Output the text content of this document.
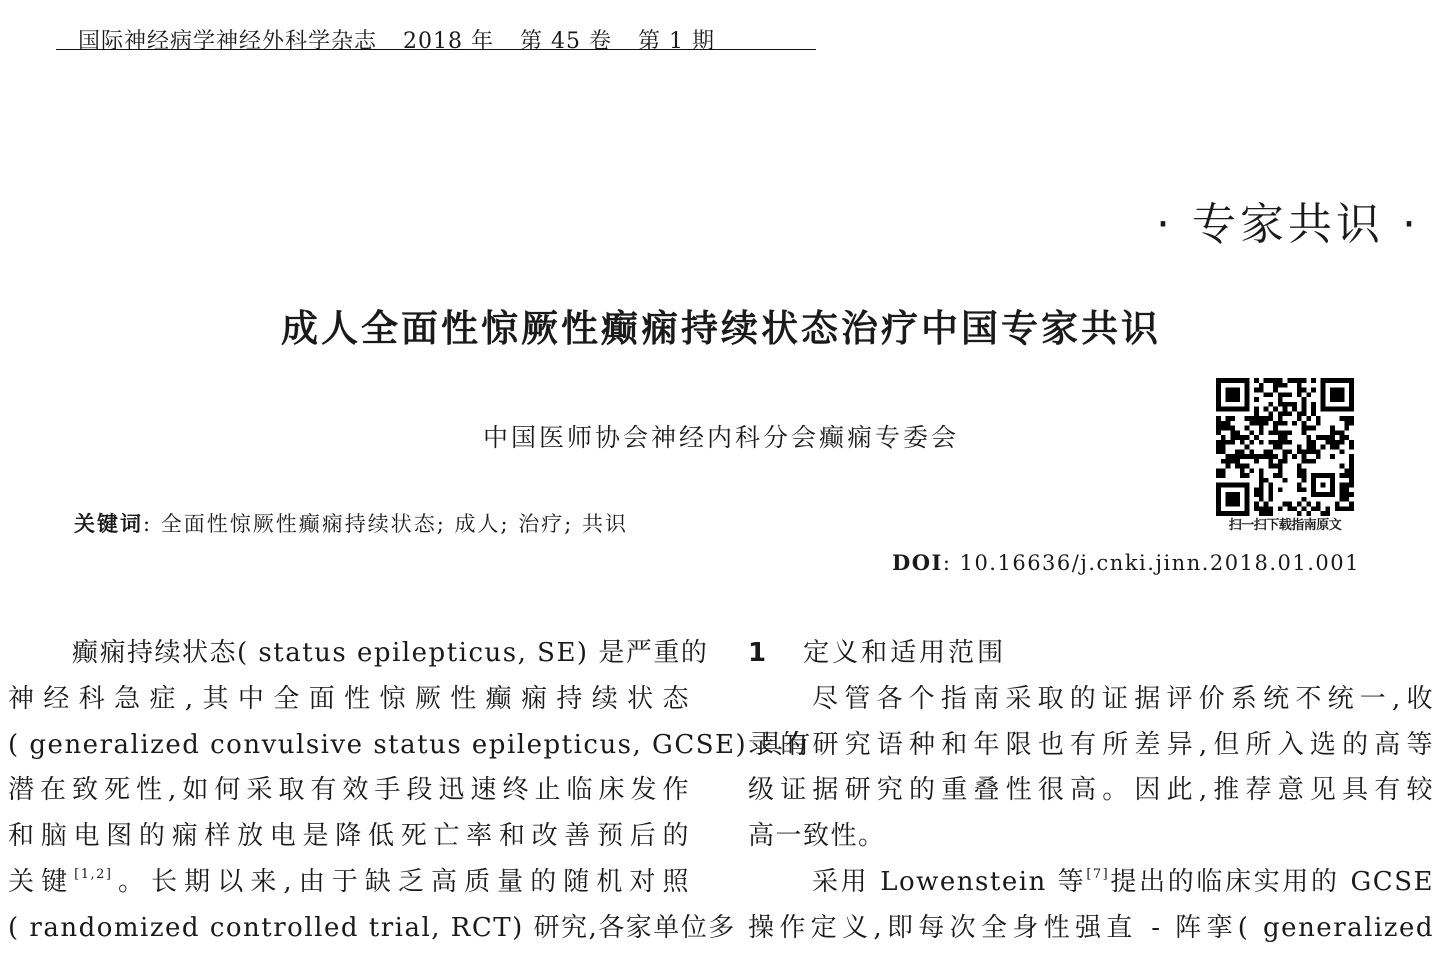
国际神经病学神经外科学杂志 2018 年 第 45 卷 第 1 期
· 专家共识 ·
成人全面性惊厥性癫痫持续状态治疗中国专家共识
中国医师协会神经内科分会癫痫专委会
扫一扫下载指南原文
关键词: 全面性惊厥性癫痫持续状态; 成人; 治疗; 共识
DOI: 10.16636/j.cnki.jinn.2018.01.001
癫痫持续状态( status epilepticus, SE) 是严重的
神经科急症,其中全面性惊厥性癫痫持续状态
( generalized convulsive status epilepticus, GCSE) 具有
潜在致死性,如何采取有效手段迅速终止临床发作
和脑电图的痫样放电是降低死亡率和改善预后的
关键[1,2]。长期以来,由于缺乏高质量的随机对照
( randomized controlled trial, RCT) 研究,各家单位多
1 定义和适用范围
尽管各个指南采取的证据评价系统不统一,收
录的研究语种和年限也有所差异,但所入选的高等
级证据研究的重叠性很高。因此,推荐意见具有较
高一致性。
采用 Lowenstein 等[7]提出的临床实用的 GCSE
操作定义,即每次全身性强直 - 阵挛( generalized
